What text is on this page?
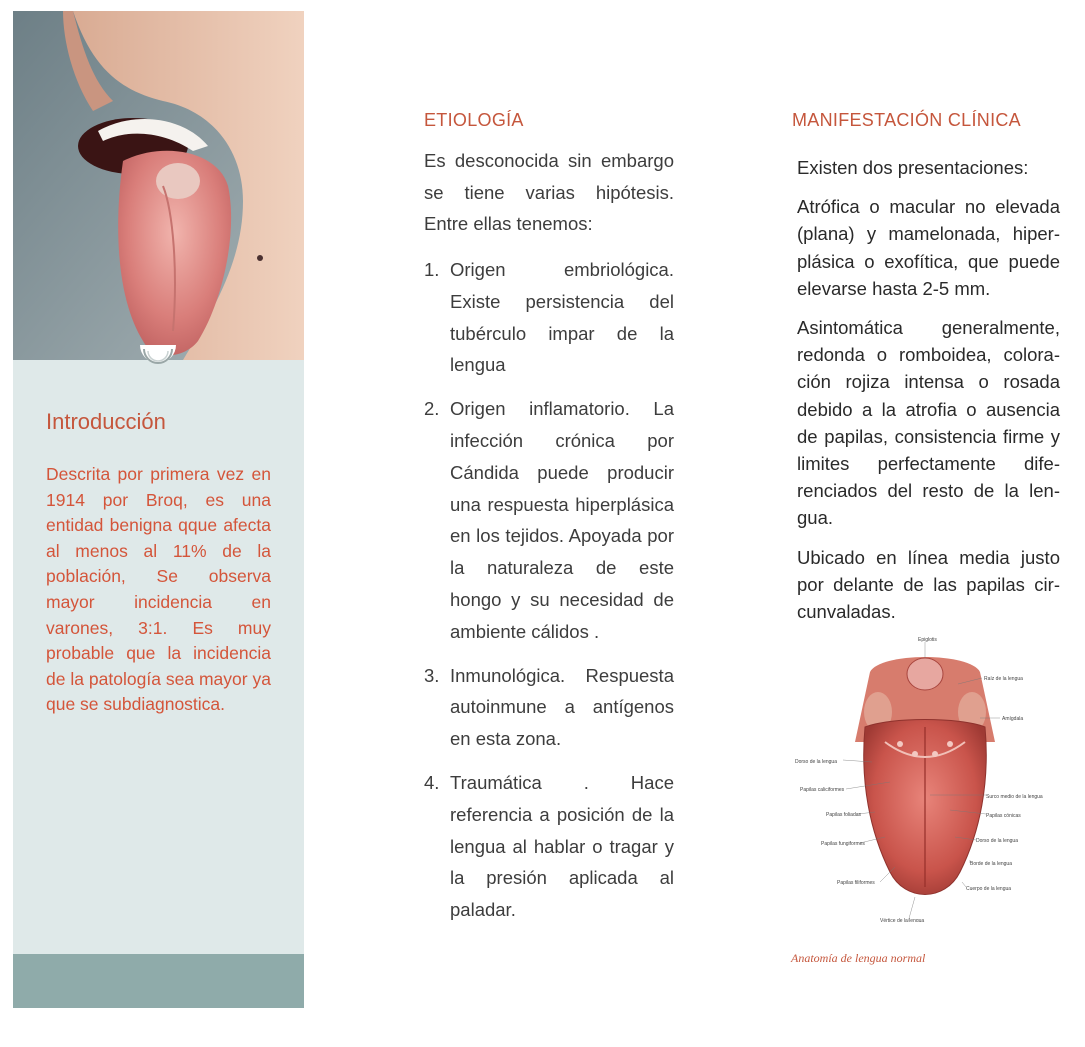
Introducción

Descrita por primera vez en 1914 por Broq, es una entidad benigna qque afecta al menos al 11% de la población, Se observa mayor incidencia en varones, 3:1. Es muy probable que la incidencia de la patología sea mayor ya que se subdiagnostica.

ETIOLOGÍA

Es desconocida sin embargo se tiene varias hipótesis. Entre ellas tenemos:

1. Origen embriológica. Existe persistencia del tubérculo impar de la lengua
2. Origen inflamatorio. La infección crónica por Cándida puede producir una respuesta hiperplásica en los tejidos. Apoyada por la naturaleza de este hongo y su necesidad de ambiente cálidos .
3. Inmunológica. Respuesta autoinmune a antígenos en esta zona.
4. Traumática . Hace referencia a posición de la lengua al hablar o tragar y la presión aplicada al paladar.
MANIFESTACIÓN CLÍNICA

Existen dos presentaciones:

Atrófica o macular no elevada (plana) y mamelonada, hiper-plásica o exofítica, que puede elevarse hasta 2-5 mm.

Asintomática generalmente, redonda o romboidea, colora-ción rojiza intensa o rosada debido a la atrofia o ausencia de papilas, consistencia firme y limites perfectamente dife-renciados del resto de la len-gua.

Ubicado en línea media justo por delante de las papilas cir-cunvaladas.

Epiglotis
Raíz de la lengua
Amígdala
Surco medio de la lengua
Papilas cónicas
Dorso de la lengua
Borde de la lengua
Cuerpo de la lengua
Dorso de la lengua
Papilas caliciformes
Papilas foliadas
Papilas fungiformes
Papilas filiformes
Vértice de la lengua

Anatomía de lengua normal
